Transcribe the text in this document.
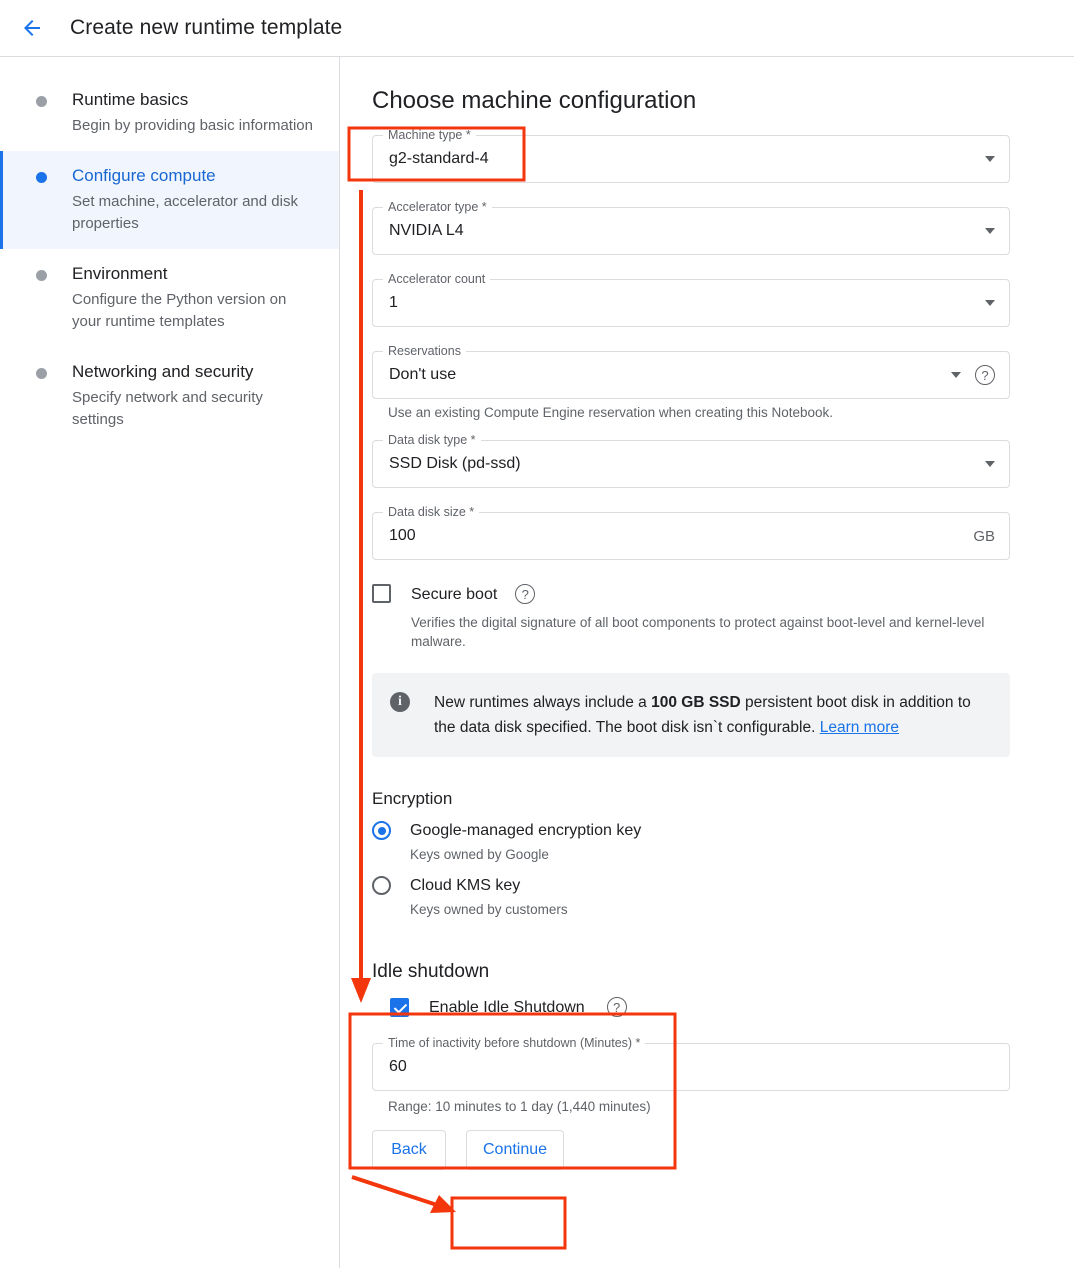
Create new runtime template
Runtime basics
Begin by providing basic information
Configure compute
Set machine, accelerator and disk properties
Environment
Configure the Python version on your runtime templates
Networking and security
Specify network and security settings
Choose machine configuration
Machine type *
g2-standard-4
Accelerator type *
NVIDIA L4
Accelerator count
1
Reservations
Don't use	?
Use an existing Compute Engine reservation when creating this Notebook.
Data disk type *
SSD Disk (pd-ssd)
Data disk size *
100	GB
Secure boot	?
Verifies the digital signature of all boot components to protect against boot-level and kernel-level malware.
i	New runtimes always include a 100 GB SSD persistent boot disk in addition to the data disk specified. The boot disk isn`t configurable. Learn more
Encryption
Google-managed encryption key
Keys owned by Google
Cloud KMS key
Keys owned by customers
Idle shutdown
Enable Idle Shutdown	?
Time of inactivity before shutdown (Minutes) *
60
Range: 10 minutes to 1 day (1,440 minutes)
Back	Continue
